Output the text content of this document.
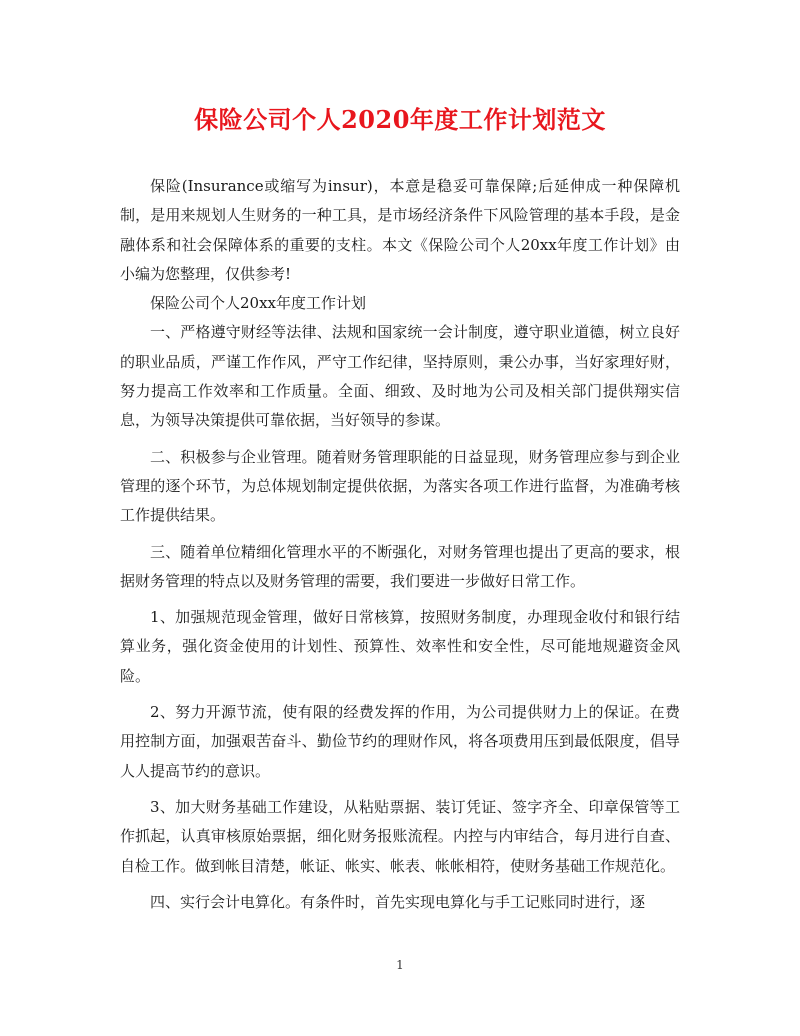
保险公司个人2020年度工作计划范文

保险(Insurance或缩写为insur)，本意是稳妥可靠保障;后延伸成一种保障机制，是用来规划人生财务的一种工具，是市场经济条件下风险管理的基本手段，是金融体系和社会保障体系的重要的支柱。本文《保险公司个人20xx年度工作计划》由小编为您整理，仅供参考!

保险公司个人20xx年度工作计划

一、严格遵守财经等法律、法规和国家统一会计制度，遵守职业道德，树立良好的职业品质，严谨工作作风，严守工作纪律，坚持原则，秉公办事，当好家理好财，努力提高工作效率和工作质量。全面、细致、及时地为公司及相关部门提供翔实信息，为领导决策提供可靠依据，当好领导的参谋。

二、积极参与企业管理。随着财务管理职能的日益显现，财务管理应参与到企业管理的逐个环节，为总体规划制定提供依据，为落实各项工作进行监督，为准确考核工作提供结果。

三、随着单位精细化管理水平的不断强化，对财务管理也提出了更高的要求，根据财务管理的特点以及财务管理的需要，我们要进一步做好日常工作。

1、加强规范现金管理，做好日常核算，按照财务制度，办理现金收付和银行结算业务，强化资金使用的计划性、预算性、效率性和安全性，尽可能地规避资金风险。

2、努力开源节流，使有限的经费发挥的作用，为公司提供财力上的保证。在费用控制方面，加强艰苦奋斗、勤俭节约的理财作风，将各项费用压到最低限度，倡导人人提高节约的意识。

3、加大财务基础工作建设，从粘贴票据、装订凭证、签字齐全、印章保管等工作抓起，认真审核原始票据，细化财务报账流程。内控与内审结合，每月进行自查、自检工作。做到帐目清楚，帐证、帐实、帐表、帐帐相符，使财务基础工作规范化。

四、实行会计电算化。有条件时，首先实现电算化与手工记账同时进行，逐

1
